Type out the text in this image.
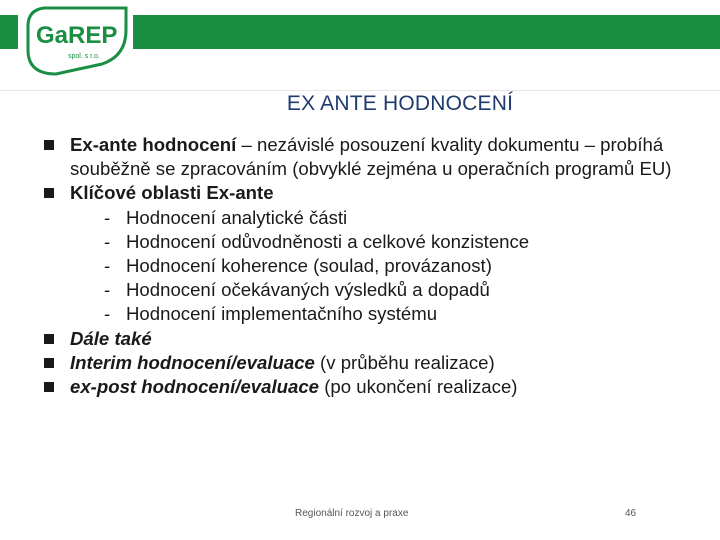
GaREP
spol. s r.o.
EX ANTE HODNOCENÍ
Ex-ante hodnocení – nezávislé posouzení kvality dokumentu – probíhá souběžně se zpracováním (obvyklé zejména u operačních programů EU)
Klíčové oblasti Ex-ante
- Hodnocení analytické části
- Hodnocení odůvodněnosti a celkové konzistence
- Hodnocení koherence (soulad, provázanost)
- Hodnocení očekávaných výsledků a dopadů
- Hodnocení implementačního systému
Dále také
Interim hodnocení/evaluace (v průběhu realizace)
ex-post hodnocení/evaluace (po ukončení realizace)
Regionální rozvoj a praxe	46
